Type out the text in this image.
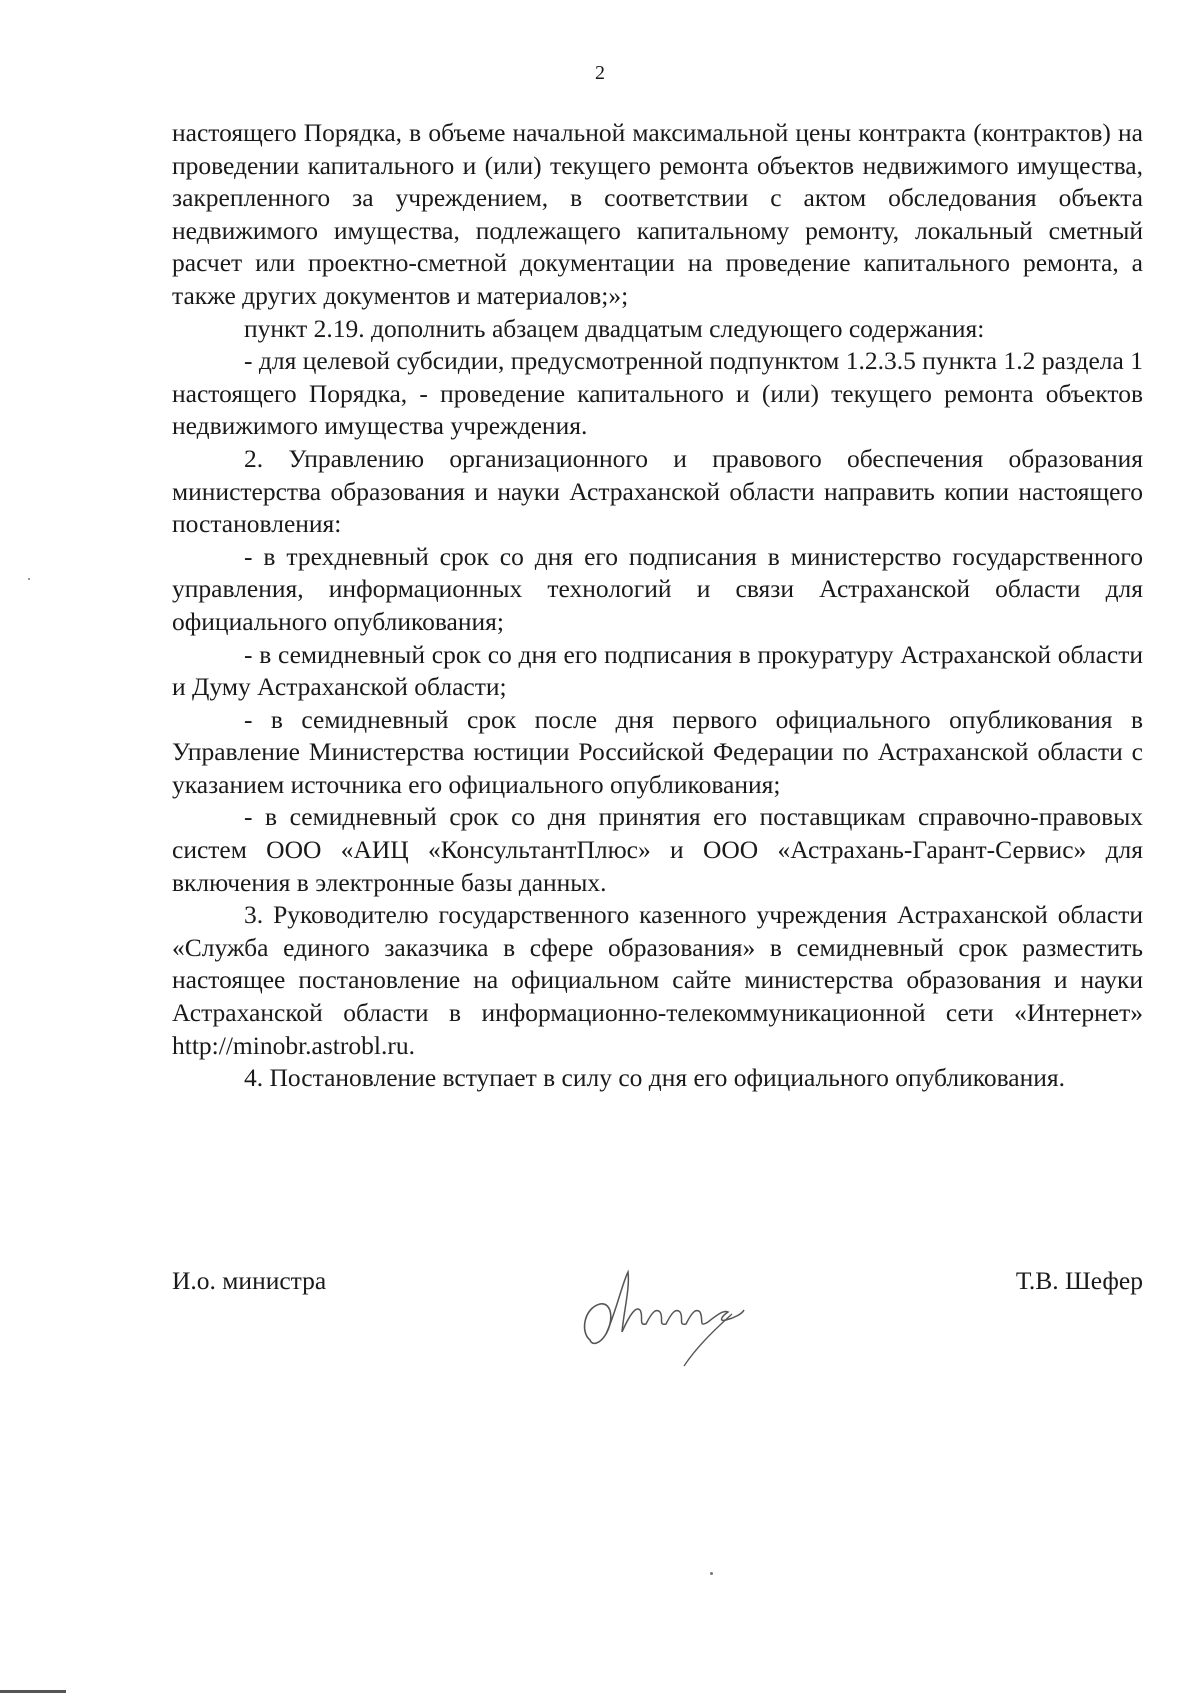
2

настоящего Порядка, в объеме начальной максимальной цены контракта (контрактов) на проведении капитального и (или) текущего ремонта объектов недвижимого имущества, закрепленного за учреждением, в соответствии с актом обследования объекта недвижимого имущества, подлежащего капитальному ремонту, локальный сметный расчет или проектно-сметной документации на проведение капитального ремонта, а также других документов и материалов;»;

пункт 2.19. дополнить абзацем двадцатым следующего содержания:

- для целевой субсидии, предусмотренной подпунктом 1.2.3.5 пункта 1.2 раздела 1 настоящего Порядка, - проведение капитального и (или) текущего ремонта объектов недвижимого имущества учреждения.

2. Управлению организационного и правового обеспечения образования министерства образования и науки Астраханской области направить копии настоящего постановления:

- в трехдневный срок со дня его подписания в министерство государственного управления, информационных технологий и связи Астраханской области для официального опубликования;

- в семидневный срок со дня его подписания в прокуратуру Астраханской области и Думу Астраханской области;

- в семидневный срок после дня первого официального опубликования в Управление Министерства юстиции Российской Федерации по Астраханской области с указанием источника его официального опубликования;

- в семидневный срок со дня принятия его поставщикам справочно-правовых систем ООО «АИЦ «КонсультантПлюс» и ООО «Астрахань-Гарант-Сервис» для включения в электронные базы данных.

3. Руководителю государственного казенного учреждения Астраханской области «Служба единого заказчика в сфере образования» в семидневный срок разместить настоящее постановление на официальном сайте министерства образования и науки Астраханской области в информационно-телекоммуникационной сети «Интернет» http://minobr.astrobl.ru.

4. Постановление вступает в силу со дня его официального опубликования.

И.о. министра	Т.В. Шефер
